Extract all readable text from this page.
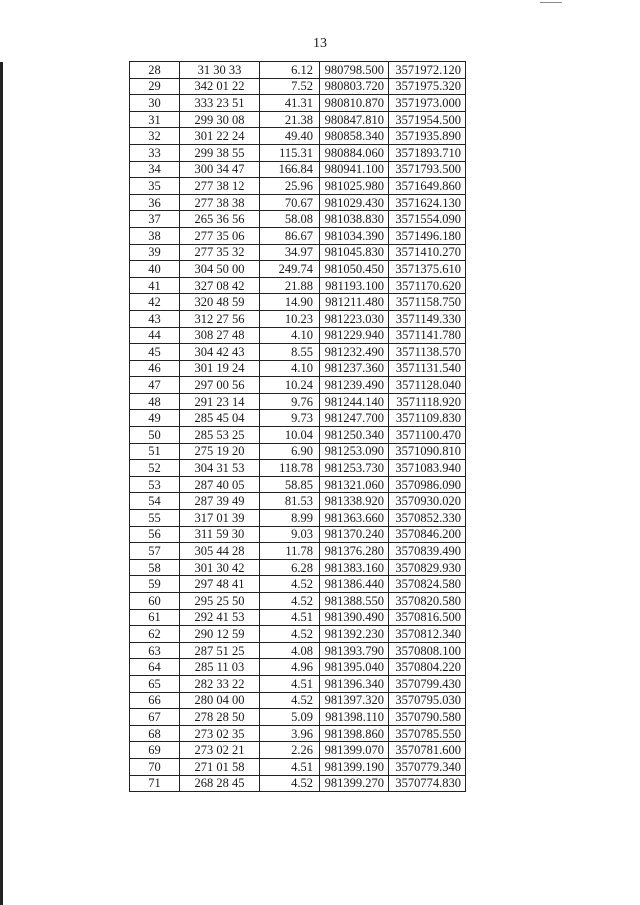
13
28	31 30 33	6.12	980798.500	3571972.120
29	342 01 22	7.52	980803.720	3571975.320
30	333 23 51	41.31	980810.870	3571973.000
31	299 30 08	21.38	980847.810	3571954.500
32	301 22 24	49.40	980858.340	3571935.890
33	299 38 55	115.31	980884.060	3571893.710
34	300 34 47	166.84	980941.100	3571793.500
35	277 38 12	25.96	981025.980	3571649.860
36	277 38 38	70.67	981029.430	3571624.130
37	265 36 56	58.08	981038.830	3571554.090
38	277 35 06	86.67	981034.390	3571496.180
39	277 35 32	34.97	981045.830	3571410.270
40	304 50 00	249.74	981050.450	3571375.610
41	327 08 42	21.88	981193.100	3571170.620
42	320 48 59	14.90	981211.480	3571158.750
43	312 27 56	10.23	981223.030	3571149.330
44	308 27 48	4.10	981229.940	3571141.780
45	304 42 43	8.55	981232.490	3571138.570
46	301 19 24	4.10	981237.360	3571131.540
47	297 00 56	10.24	981239.490	3571128.040
48	291 23 14	9.76	981244.140	3571118.920
49	285 45 04	9.73	981247.700	3571109.830
50	285 53 25	10.04	981250.340	3571100.470
51	275 19 20	6.90	981253.090	3571090.810
52	304 31 53	118.78	981253.730	3571083.940
53	287 40 05	58.85	981321.060	3570986.090
54	287 39 49	81.53	981338.920	3570930.020
55	317 01 39	8.99	981363.660	3570852.330
56	311 59 30	9.03	981370.240	3570846.200
57	305 44 28	11.78	981376.280	3570839.490
58	301 30 42	6.28	981383.160	3570829.930
59	297 48 41	4.52	981386.440	3570824.580
60	295 25 50	4.52	981388.550	3570820.580
61	292 41 53	4.51	981390.490	3570816.500
62	290 12 59	4.52	981392.230	3570812.340
63	287 51 25	4.08	981393.790	3570808.100
64	285 11 03	4.96	981395.040	3570804.220
65	282 33 22	4.51	981396.340	3570799.430
66	280 04 00	4.52	981397.320	3570795.030
67	278 28 50	5.09	981398.110	3570790.580
68	273 02 35	3.96	981398.860	3570785.550
69	273 02 21	2.26	981399.070	3570781.600
70	271 01 58	4.51	981399.190	3570779.340
71	268 28 45	4.52	981399.270	3570774.830
